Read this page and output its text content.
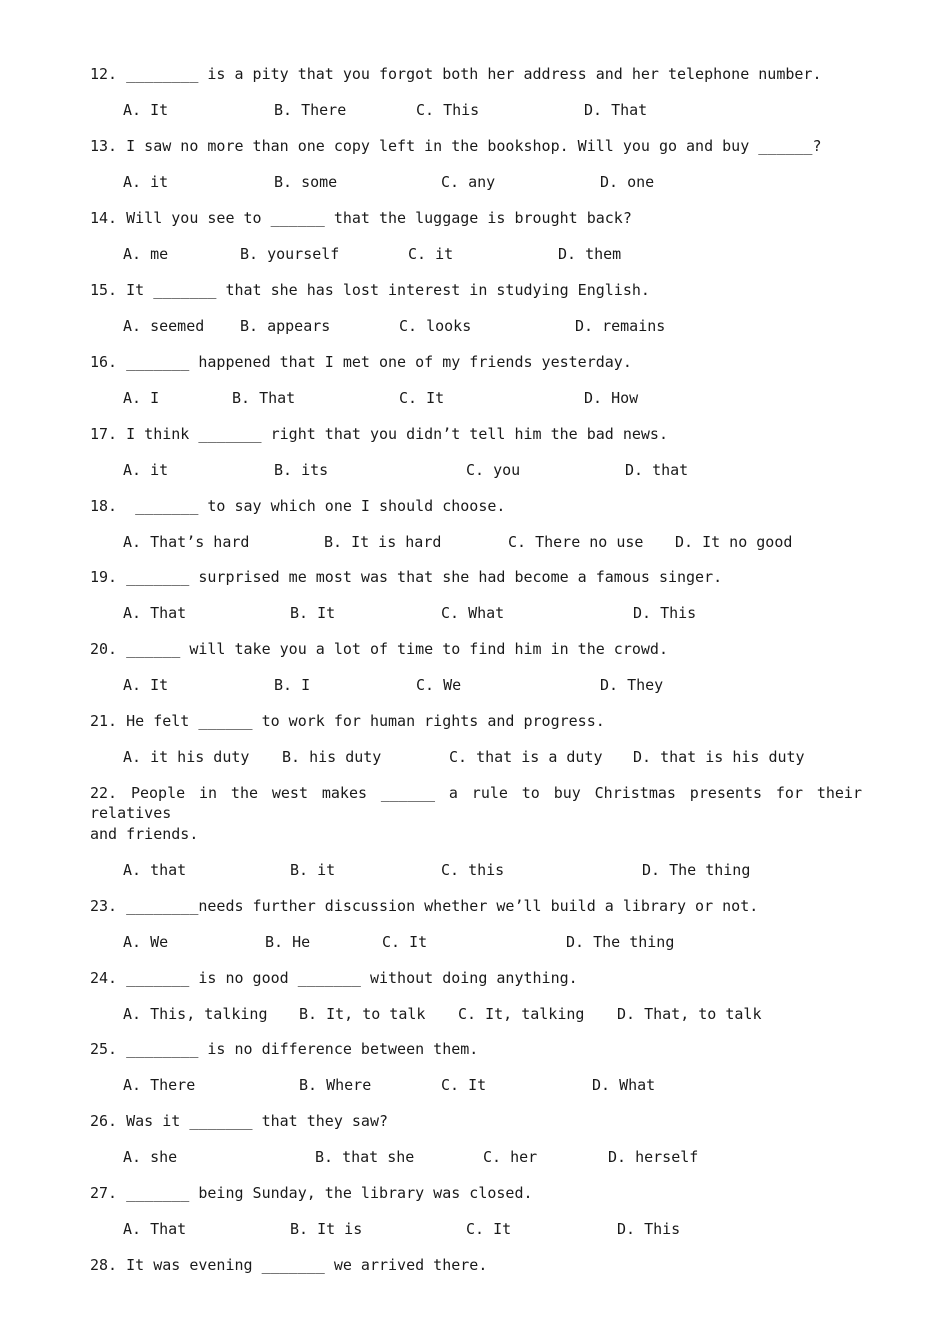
12. ________ is a pity that you forgot both her address and her telephone number.
A. It	B. There	C. This	D. That
13. I saw no more than one copy left in the bookshop. Will you go and buy ______?
A. it	B. some	C. any	D. one
14. Will you see to ______ that the luggage is brought back?
A. me	B. yourself	C. it	D. them
15. It _______ that she has lost interest in studying English.
A. seemed B. appears	C. looks	D. remains
16. _______ happened that I met one of my friends yesterday.
A. I	B. That	C. It	D. How
17. I think _______ right that you didn’t tell him the bad news.
A. it	B. its	C. you	D. that
18.  _______ to say which one I should choose.
A. That’s hard	B. It is hard	C. There no use D. It no good
19. _______ surprised me most was that she had become a famous singer.
A. That	B. It	C. What	D. This
20. ______ will take you a lot of time to find him in the crowd.
A. It	B. I	C. We	D. They
21. He felt ______ to work for human rights and progress.
A. it his duty B. his duty	C. that is a duty D. that is his duty
22. People in the west makes ______ a rule to buy Christmas presents for their relatives
and friends.
A. that	B. it	C. this	D. The thing
23. ________needs further discussion whether we’ll build a library or not.
A. We	B. He	C. It	D. The thing
24. _______ is no good _______ without doing anything.
A. This, talking B. It, to talk C. It, talking D. That, to talk
25. ________ is no difference between them.
A. There	B. Where	C. It	D. What
26. Was it _______ that they saw?
A. she	B. that she	C. her	D. herself
27. _______ being Sunday, the library was closed.
A. That	B. It is	C. It	D. This
28. It was evening _______ we arrived there.
